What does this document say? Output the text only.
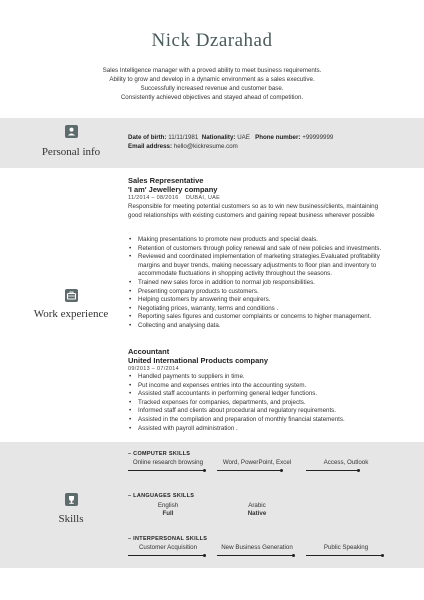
Nick Dzarahad
Sales Intelligence manager with a proved ability to meet business requirements.
Ability to grow and develop in a dynamic environment as a sales executive.
Successfully increased revenue and customer base.
Consistently achieved objectives and stayed ahead of competition.
Personal info
Date of birth: 11/11/1981 Nationality: UAE Phone number: +99999999
Email address: hello@kickresume.com
Work experience
Sales Representative
'I am' Jewellery company
11/2014 – 08/2016 DUBAI, UAE
Responsible for meeting potential customers so as to win new business/clients, maintaining good relationships with existing customers and gaining repeat business wherever possible
• Making presentations to promote new products and special deals.
• Retention of customers through policy renewal and sale of new policies and investments.
• Reviewed and coordinated implementation of marketing strategies.Evaluated profitability margins and buyer trends, making necessary adjustments to floor plan and inventory to accommodate fluctuations in shopping activity throughout the seasons.
• Trained new sales force in addition to normal job responsibilities.
• Presenting company products to customers.
• Helping customers by answering their enquirers.
• Negotiating prices, warranty, terms and conditions .
• Reporting sales figures and customer complaints or concerns to higher management.
• Collecting and analysing data.
Accountant
United International Products company
09/2013 – 07/2014
• Handled payments to suppliers in time.
• Put income and expenses entries into the accounting system.
• Assisted staff accountants in performing general ledger functions.
• Tracked expenses for companies, departments, and projects.
• Informed staff and clients about procedural and regulatory requirements.
• Assisted in the compilation and preparation of monthly financial statements.
• Assisted with payroll administration .
Skills
– COMPUTER SKILLS
Online research browsing	Word, PowerPoint, Excel	Access, Outlook
– LANGUAGES SKILLS
English
Full
Arabic
Native
– INTERPERSONAL SKILLS
Customer Acquisition	New Business Generation	Public Speaking
